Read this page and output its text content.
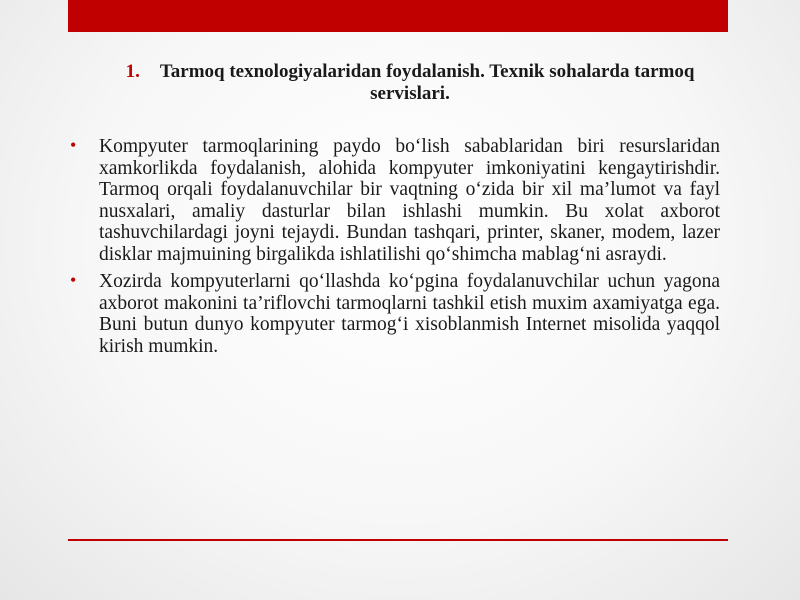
1. Tarmoq texnologiyalaridan foydalanish. Texnik sohalarda tarmoq servislari.
• Kompyuter tarmoqlarining paydo bo‘lish sabablaridan biri resurslaridan xamkorlikda foydalanish, alohida kompyuter imkoniyatini kengaytirishdir. Tarmoq orqali foydalanuvchilar bir vaqtning o‘zida bir xil ma’lumot va fayl nusxalari, amaliy dasturlar bilan ishlashi mumkin. Bu xolat axborot tashuvchilardagi joyni tejaydi. Bundan tashqari, printer, skaner, modem, lazer disklar majmuining birgalikda ishlatilishi qo‘shimcha mablag‘ni asraydi.
• Xozirda kompyuterlarni qo‘llashda ko‘pgina foydalanuvchilar uchun yagona axborot makonini ta’riflovchi tarmoqlarni tashkil etish muxim axamiyatga ega. Buni butun dunyo kompyuter tarmog‘i xisoblanmish Internet misolida yaqqol kirish mumkin.
